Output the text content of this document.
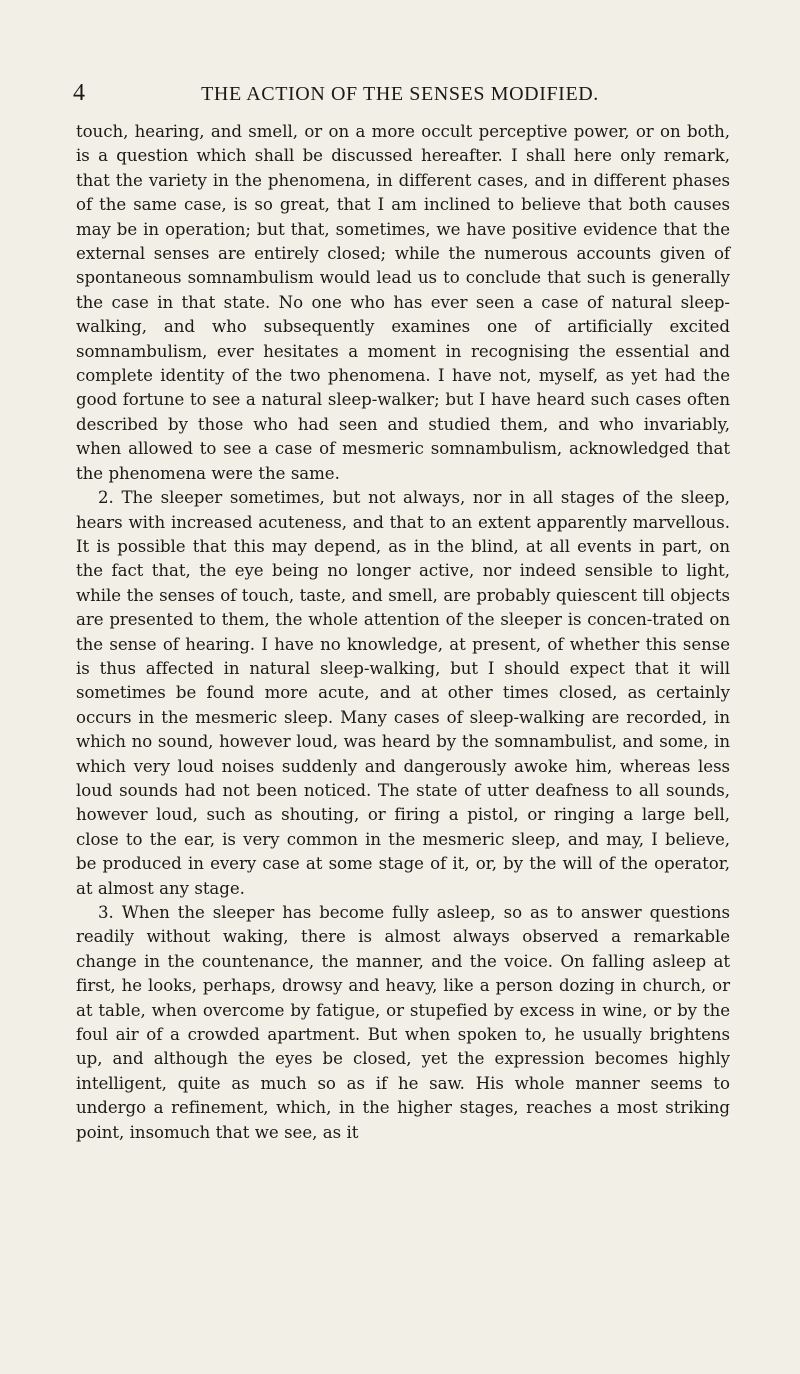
4	THE ACTION OF THE SENSES MODIFIED.

touch, hearing, and smell, or on a more occult perceptive power, or on both, is a question which shall be discussed hereafter. I shall here only remark, that the variety in the phenomena, in different cases, and in different phases of the same case, is so great, that I am inclined to believe that both causes may be in operation; but that, sometimes, we have positive evidence that the external senses are entirely closed; while the numerous accounts given of spontaneous somnambulism would lead us to conclude that such is generally the case in that state. No one who has ever seen a case of natural sleep-walking, and who subsequently examines one of artificially excited somnambulism, ever hesitates a moment in recognising the essential and complete identity of the two phenomena. I have not, myself, as yet had the good fortune to see a natural sleep-walker; but I have heard such cases often described by those who had seen and studied them, and who invariably, when allowed to see a case of mesmeric somnambulism, acknowledged that the phenomena were the same.

2. The sleeper sometimes, but not always, nor in all stages of the sleep, hears with increased acuteness, and that to an extent apparently marvellous. It is possible that this may depend, as in the blind, at all events in part, on the fact that, the eye being no longer active, nor indeed sensible to light, while the senses of touch, taste, and smell, are probably quiescent till objects are presented to them, the whole attention of the sleeper is concen-trated on the sense of hearing. I have no knowledge, at present, of whether this sense is thus affected in natural sleep-walking, but I should expect that it will sometimes be found more acute, and at other times closed, as certainly occurs in the mesmeric sleep. Many cases of sleep-walking are recorded, in which no sound, however loud, was heard by the somnambulist, and some, in which very loud noises suddenly and dangerously awoke him, whereas less loud sounds had not been noticed. The state of utter deafness to all sounds, however loud, such as shouting, or firing a pistol, or ringing a large bell, close to the ear, is very common in the mesmeric sleep, and may, I believe, be produced in every case at some stage of it, or, by the will of the operator, at almost any stage.

3. When the sleeper has become fully asleep, so as to answer questions readily without waking, there is almost always observed a remarkable change in the countenance, the manner, and the voice. On falling asleep at first, he looks, perhaps, drowsy and heavy, like a person dozing in church, or at table, when overcome by fatigue, or stupefied by excess in wine, or by the foul air of a crowded apartment. But when spoken to, he usually brightens up, and although the eyes be closed, yet the expression becomes highly intelligent, quite as much so as if he saw. His whole manner seems to undergo a refinement, which, in the higher stages, reaches a most striking point, insomuch that we see, as it
